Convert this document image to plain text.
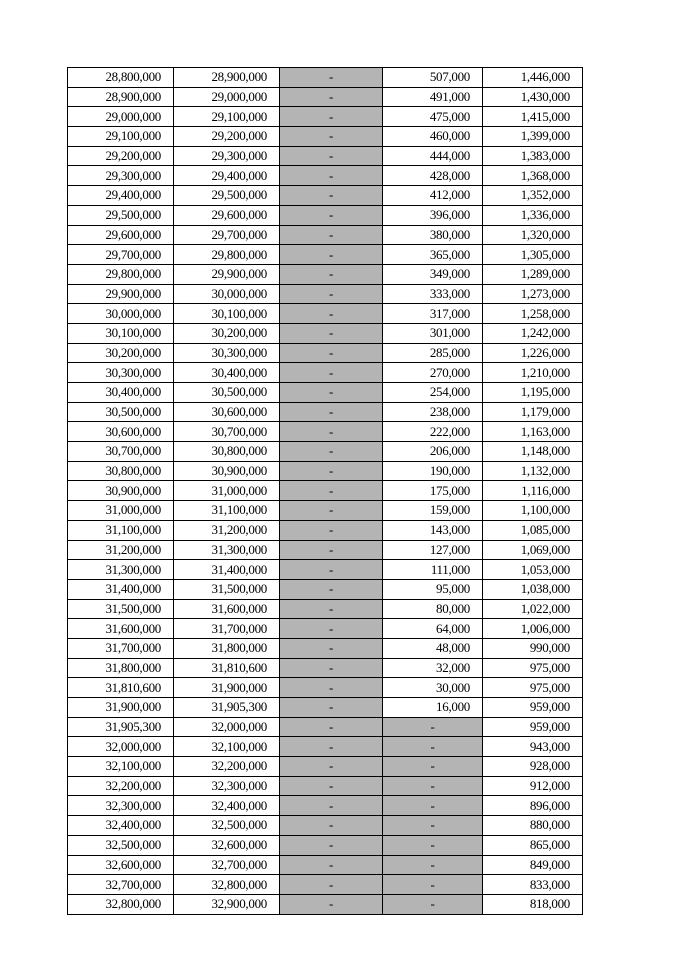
28,800,000	28,900,000	-	507,000	1,446,000
28,900,000	29,000,000	-	491,000	1,430,000
29,000,000	29,100,000	-	475,000	1,415,000
29,100,000	29,200,000	-	460,000	1,399,000
29,200,000	29,300,000	-	444,000	1,383,000
29,300,000	29,400,000	-	428,000	1,368,000
29,400,000	29,500,000	-	412,000	1,352,000
29,500,000	29,600,000	-	396,000	1,336,000
29,600,000	29,700,000	-	380,000	1,320,000
29,700,000	29,800,000	-	365,000	1,305,000
29,800,000	29,900,000	-	349,000	1,289,000
29,900,000	30,000,000	-	333,000	1,273,000
30,000,000	30,100,000	-	317,000	1,258,000
30,100,000	30,200,000	-	301,000	1,242,000
30,200,000	30,300,000	-	285,000	1,226,000
30,300,000	30,400,000	-	270,000	1,210,000
30,400,000	30,500,000	-	254,000	1,195,000
30,500,000	30,600,000	-	238,000	1,179,000
30,600,000	30,700,000	-	222,000	1,163,000
30,700,000	30,800,000	-	206,000	1,148,000
30,800,000	30,900,000	-	190,000	1,132,000
30,900,000	31,000,000	-	175,000	1,116,000
31,000,000	31,100,000	-	159,000	1,100,000
31,100,000	31,200,000	-	143,000	1,085,000
31,200,000	31,300,000	-	127,000	1,069,000
31,300,000	31,400,000	-	111,000	1,053,000
31,400,000	31,500,000	-	95,000	1,038,000
31,500,000	31,600,000	-	80,000	1,022,000
31,600,000	31,700,000	-	64,000	1,006,000
31,700,000	31,800,000	-	48,000	990,000
31,800,000	31,810,600	-	32,000	975,000
31,810,600	31,900,000	-	30,000	975,000
31,900,000	31,905,300	-	16,000	959,000
31,905,300	32,000,000	-	-	959,000
32,000,000	32,100,000	-	-	943,000
32,100,000	32,200,000	-	-	928,000
32,200,000	32,300,000	-	-	912,000
32,300,000	32,400,000	-	-	896,000
32,400,000	32,500,000	-	-	880,000
32,500,000	32,600,000	-	-	865,000
32,600,000	32,700,000	-	-	849,000
32,700,000	32,800,000	-	-	833,000
32,800,000	32,900,000	-	-	818,000
